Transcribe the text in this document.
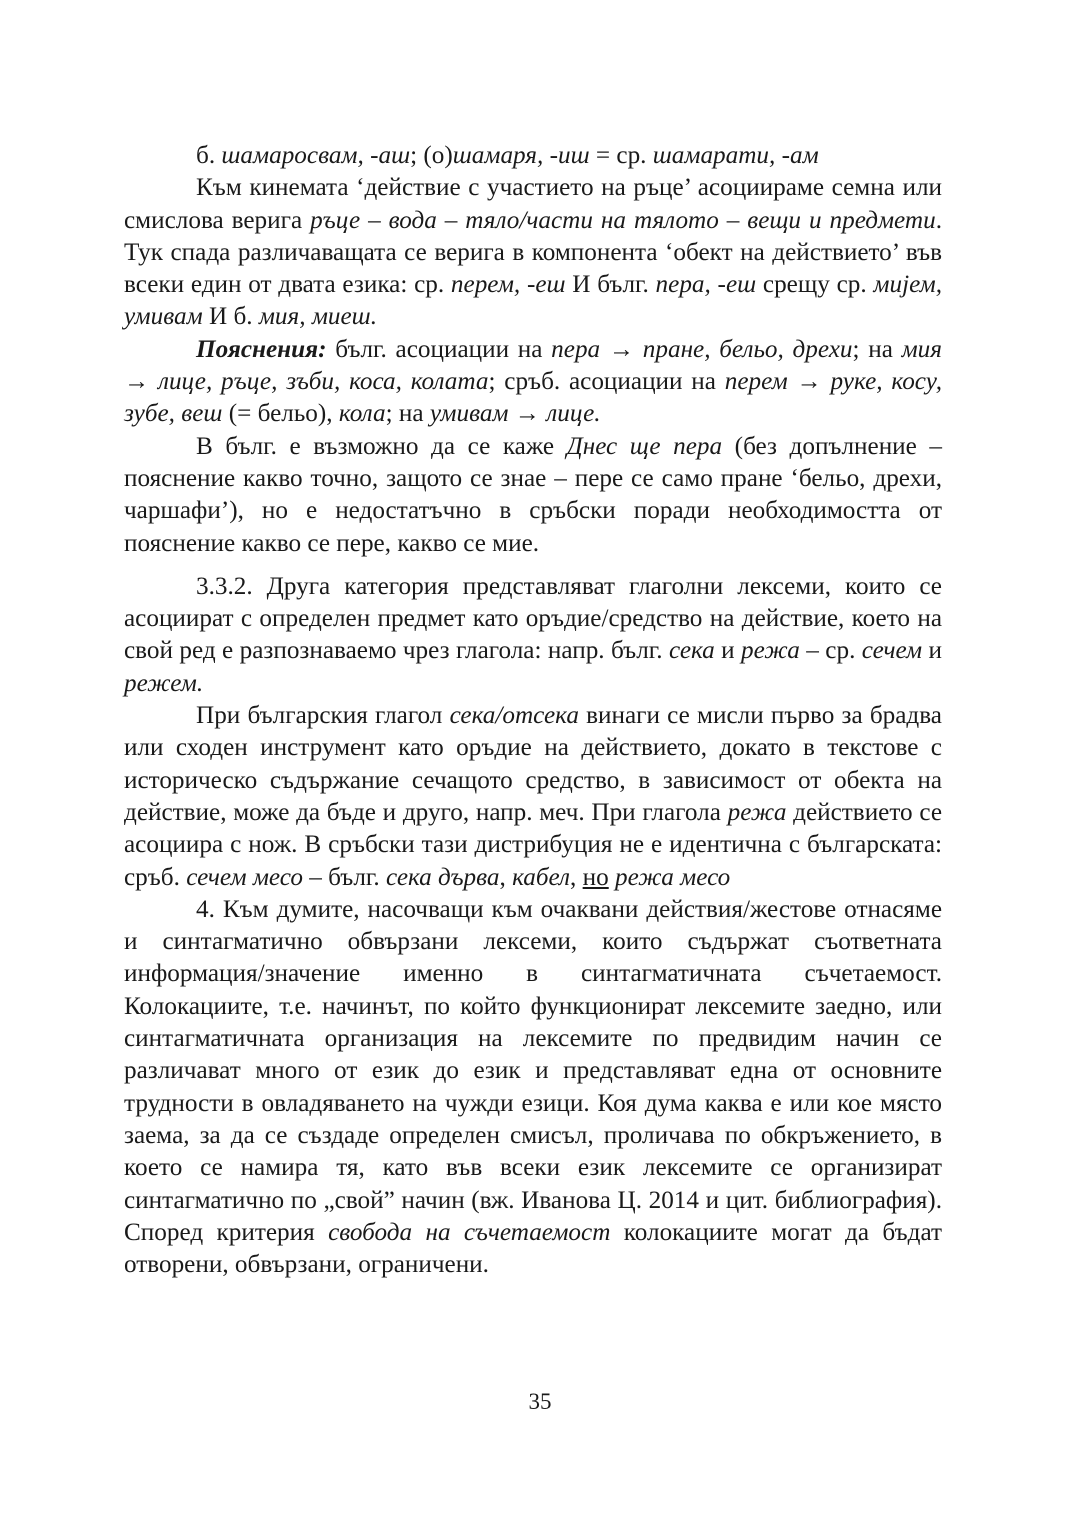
б. шамаросвам, -аш; (о)шамаря, -иш = ср. шамарати, -ам

Към кинемата ‘действие с участието на ръце’ асоциираме семна или смислова верига ръце – вода – тяло/части на тялото – вещи и предмети. Тук спада различаващата се верига в компонента ‘обект на действието’ във всеки един от двата езика: ср. перем, -еш И бълг. пера, -еш срещу ср. мијем, умивам И б. мия, миеш.

Пояснения: бълг. асоциации на пера → пране, бельо, дрехи; на мия → лице, ръце, зъби, коса, колата; сръб. асоциации на перем → руке, косу, зубе, веш (= бельо), кола; на умивам → лице.

В бълг. е възможно да се каже Днес ще пера (без допълнение – пояснение какво точно, защото се знае – пере се само пране ‘бельо, дрехи, чаршафи’), но е недостатъчно в сръбски поради необходимостта от пояснение какво се пере, какво се мие.

3.3.2. Друга категория представляват глаголни лексеми, които се асоциират с определен предмет като оръдие/средство на действие, което на свой ред е разпознаваемо чрез глагола: напр. бълг. сека и режа – ср. сечем и режем.

При българския глагол сека/отсека винаги се мисли първо за брадва или сходен инструмент като оръдие на действието, докато в текстове с историческо съдържание сечащото средство, в зависимост от обекта на действие, може да бъде и друго, напр. меч. При глагола режа действието се асоциира с нож. В сръбски тази дистрибуция не е идентична с българската: сръб. сечем месо – бълг. сека дърва, кабел, но режа месо

4. Към думите, насочващи към очаквани действия/жестове отнасяме и синтагматично обвързани лексеми, които съдържат съответната информация/значение именно в синтагматичната съчетаемост. Колокациите, т.е. начинът, по който функционират лексемите заедно, или синтагматичната организация на лексемите по предвидим начин се различават много от език до език и представляват една от основните трудности в овладяването на чужди езици. Коя дума каква е или кое място заема, за да се създаде определен смисъл, проличава по обкръжението, в което се намира тя, като във всеки език лексемите се организират синтагматично по „свой” начин (вж. Иванова Ц. 2014 и цит. библиография). Според критерия свобода на съчетаемост колокациите могат да бъдат отворени, обвързани, ограничени.

35
